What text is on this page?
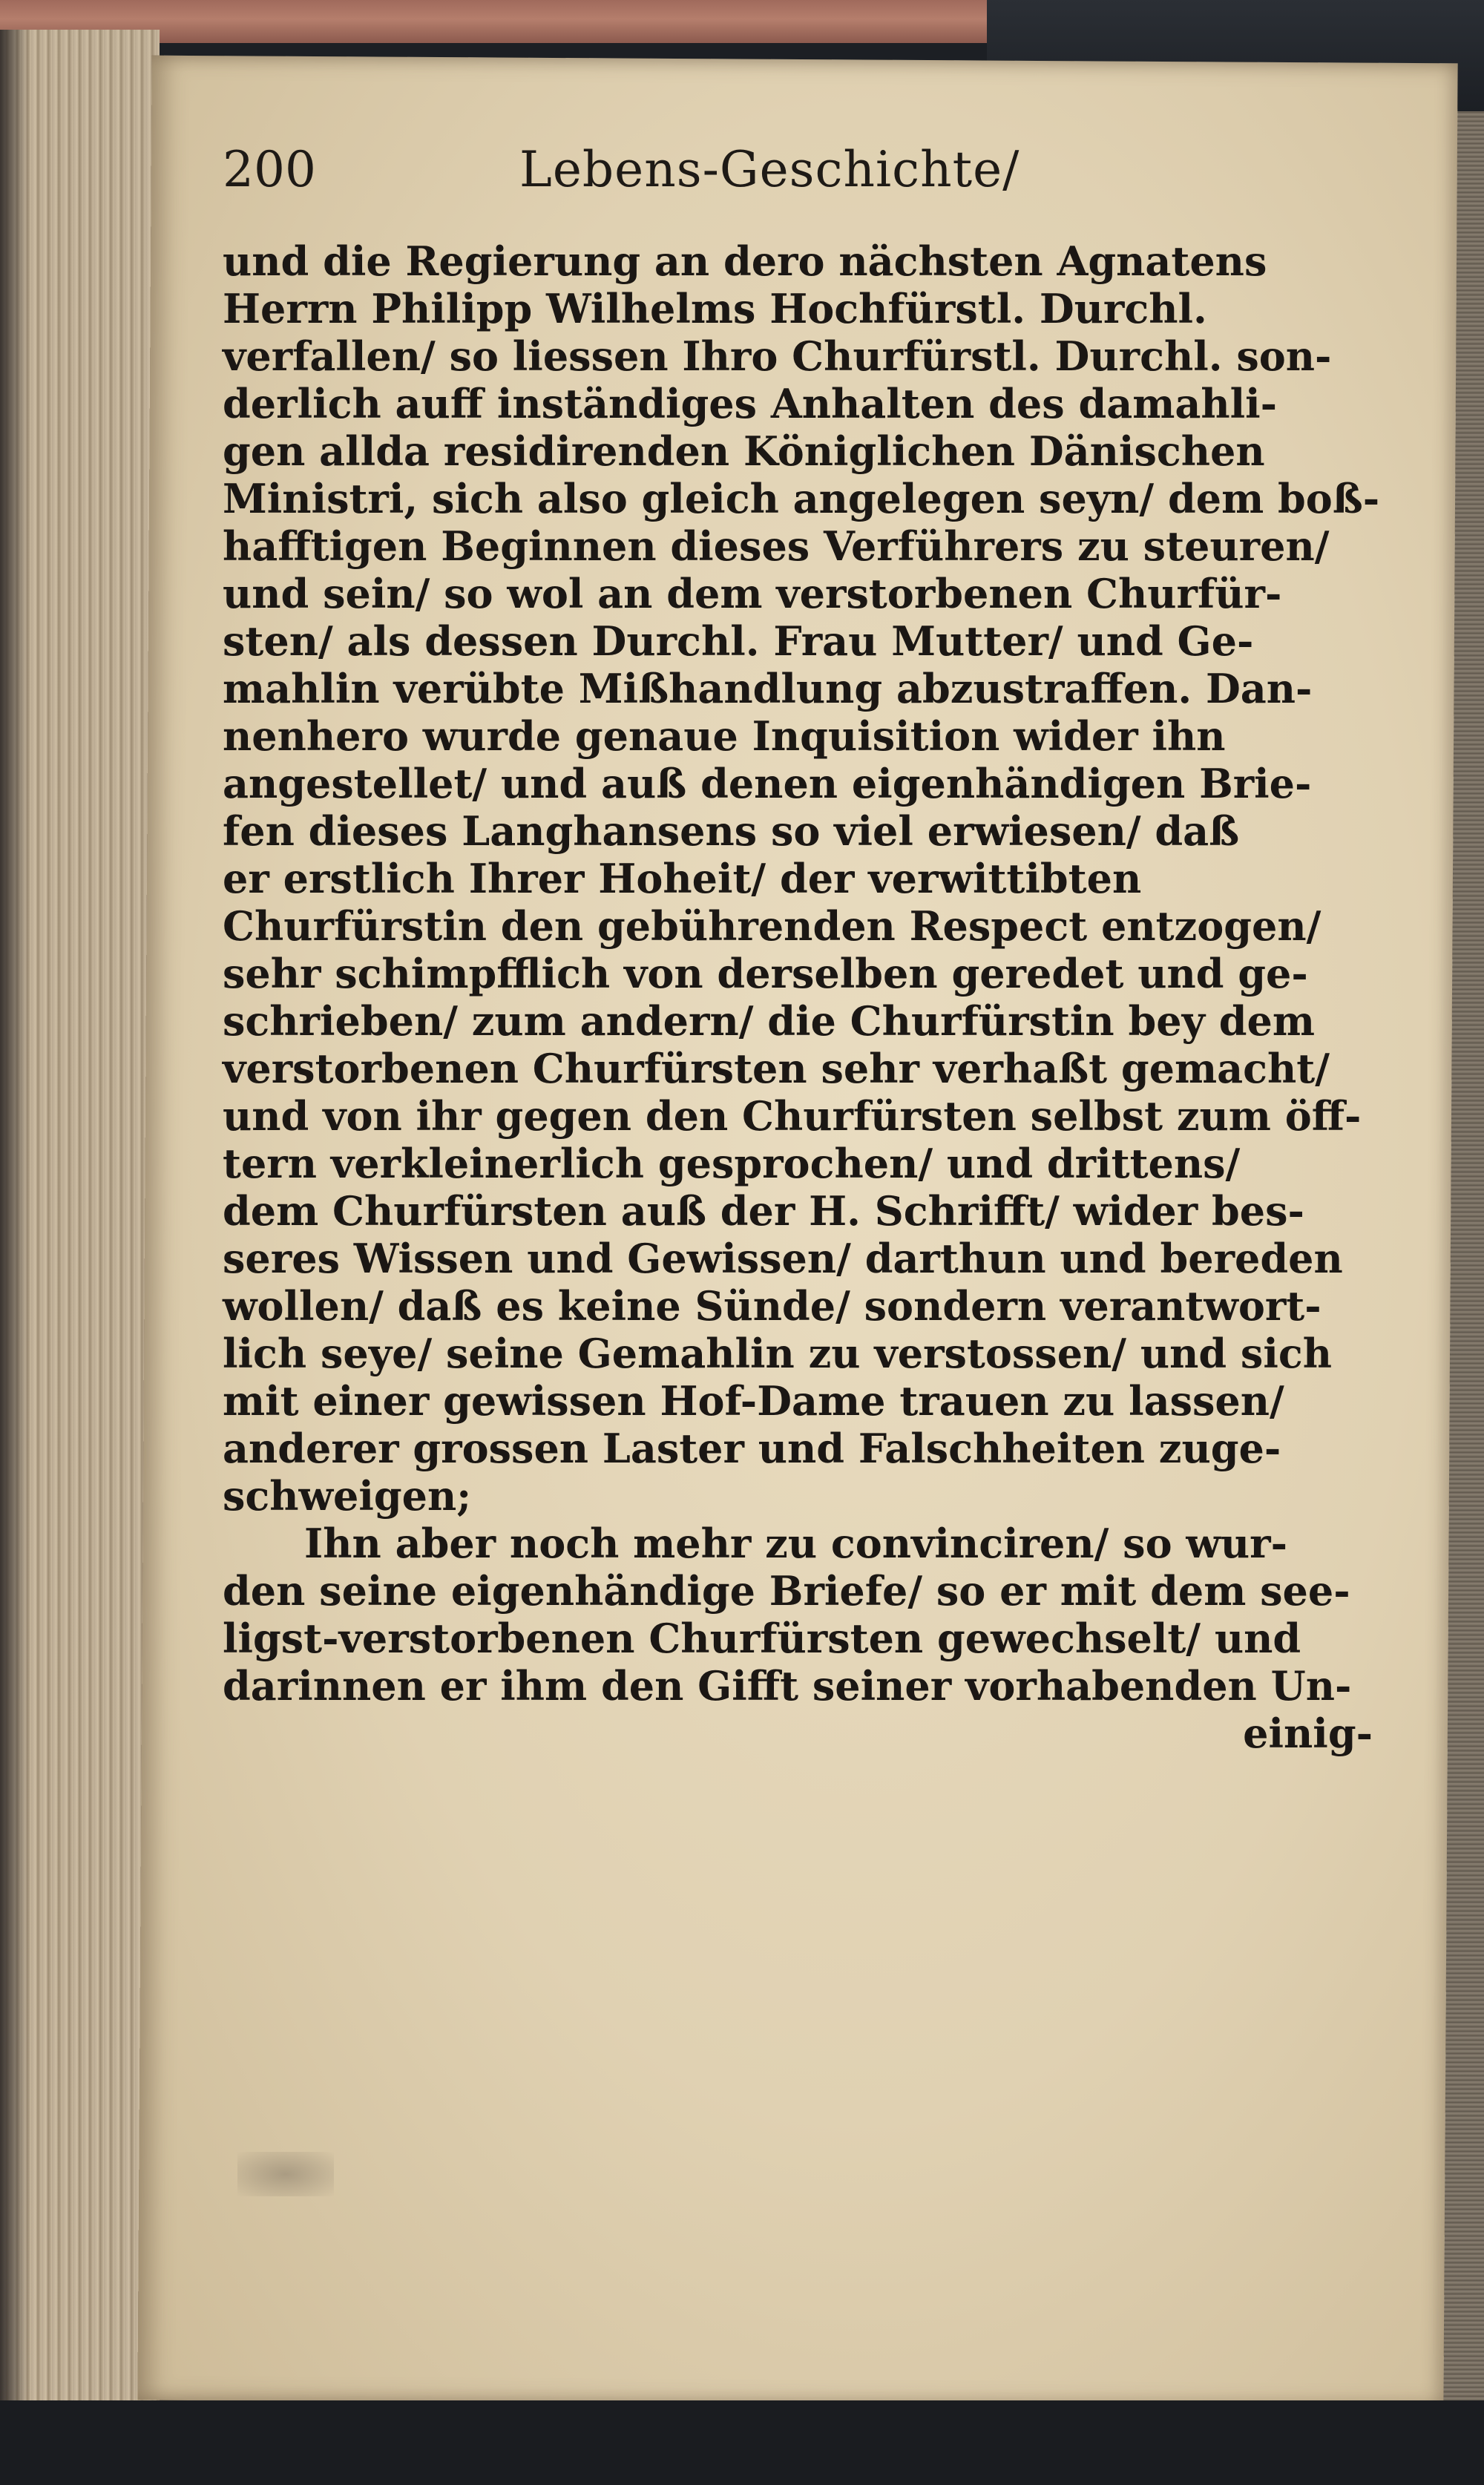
200	Lebens-Geschichte/
und die Regierung an dero nächsten Agnatens
Herrn Philipp Wilhelms Hochfürstl. Durchl.
verfallen/ so liessen Ihro Churfürstl. Durchl. son-
derlich auff inständiges Anhalten des damahli-
gen allda residirenden Königlichen Dänischen
Ministri, sich also gleich angelegen seyn/ dem boß-
hafftigen Beginnen dieses Verführers zu steuren/
und sein/ so wol an dem verstorbenen Churfür-
sten/ als dessen Durchl. Frau Mutter/ und Ge-
mahlin verübte Mißhandlung abzustraffen. Dan-
nenhero wurde genaue Inquisition wider ihn
angestellet/ und auß denen eigenhändigen Brie-
fen dieses Langhansens so viel erwiesen/ daß
er erstlich Ihrer Hoheit/ der verwittibten
Churfürstin den gebührenden Respect entzogen/
sehr schimpfflich von derselben geredet und ge-
schrieben/ zum andern/ die Churfürstin bey dem
verstorbenen Churfürsten sehr verhaßt gemacht/
und von ihr gegen den Churfürsten selbst zum öff-
tern verkleinerlich gesprochen/ und drittens/
dem Churfürsten auß der H. Schrifft/ wider bes-
seres Wissen und Gewissen/ darthun und bereden
wollen/ daß es keine Sünde/ sondern verantwort-
lich seye/ seine Gemahlin zu verstossen/ und sich
mit einer gewissen Hof-Dame trauen zu lassen/
anderer grossen Laster und Falschheiten zuge-
schweigen;
Ihn aber noch mehr zu convinciren/ so wur-
den seine eigenhändige Briefe/ so er mit dem see-
ligst-verstorbenen Churfürsten gewechselt/ und
darinnen er ihm den Gifft seiner vorhabenden Un-
einig-
